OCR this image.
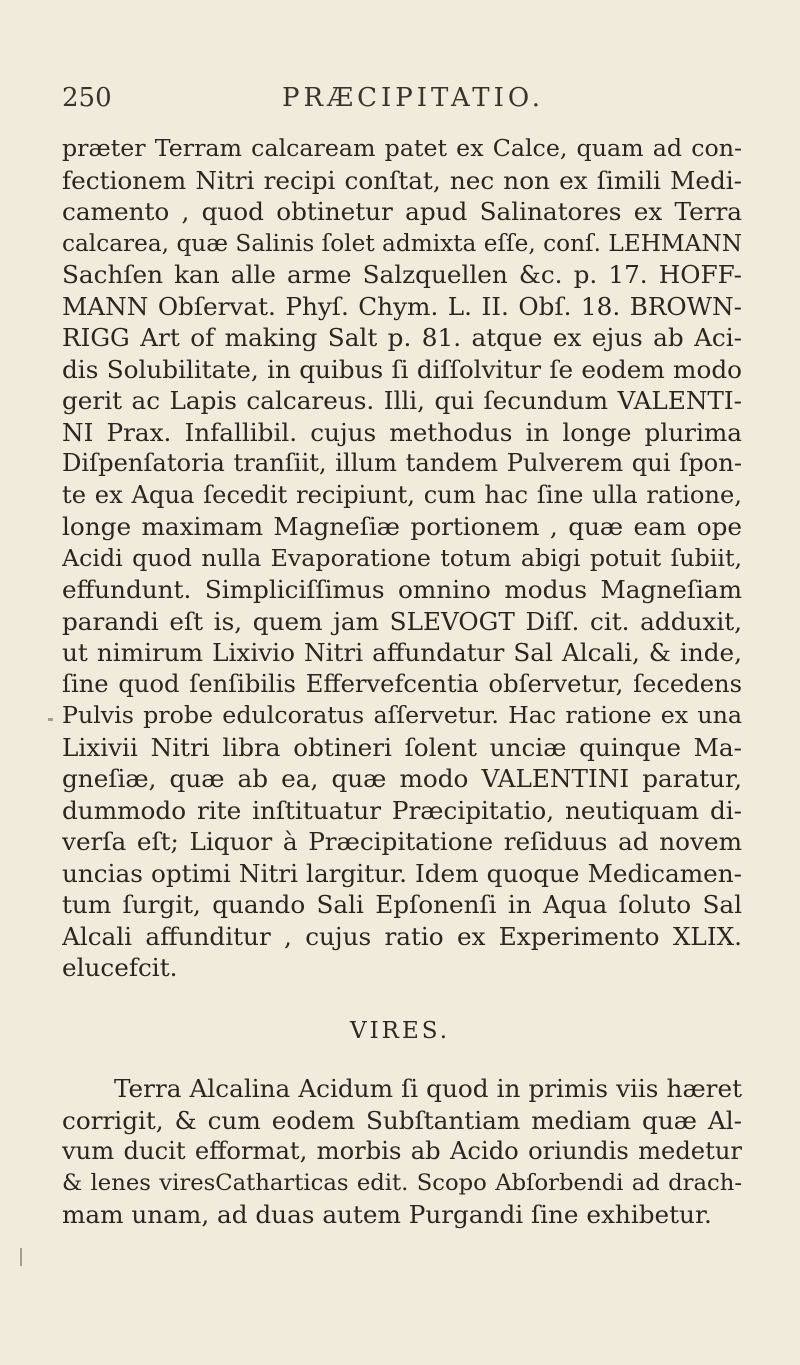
250	PRÆCIPITATIO.
præter Terram calcaream patet ex Calce, quam ad con-
fectionem Nitri recipi conſtat, nec non ex ſimili Medi-
camento , quod obtinetur apud Salinatores ex Terra
calcarea, quæ Salinis ſolet admixta eſſe, conſ. LEHMANN
Sachſen kan alle arme Salzquellen &c. p. 17. HOFF-
MANN Obſervat. Phyſ. Chym. L. II. Obſ. 18. BROWN-
RIGG Art of making Salt p. 81. atque ex ejus ab Aci-
dis Solubilitate, in quibus ſi diſſolvitur ſe eodem modo
gerit ac Lapis calcareus. Illi, qui ſecundum VALENTI-
NI Prax. Infallibil. cujus methodus in longe plurima
Diſpenſatoria tranſiit, illum tandem Pulverem qui ſpon-
te ex Aqua ſecedit recipiunt, cum hac ſine ulla ratione,
longe maximam Magneſiæ portionem , quæ eam ope
Acidi quod nulla Evaporatione totum abigi potuit ſubiit,
effundunt. Simpliciſſimus omnino modus Magneſiam
parandi eſt is, quem jam SLEVOGT Diſſ. cit. adduxit,
ut nimirum Lixivio Nitri affundatur Sal Alcali, & inde,
ſine quod ſenſibilis Effervefcentia obſervetur, ſecedens
Pulvis probe edulcoratus aſſervetur. Hac ratione ex una
Lixivii Nitri libra obtineri ſolent unciæ quinque Ma-
gneſiæ, quæ ab ea, quæ modo VALENTINI paratur,
dummodo rite inſtituatur Præcipitatio, neutiquam di-
verſa eſt; Liquor à Præcipitatione reſiduus ad novem
uncias optimi Nitri largitur. Idem quoque Medicamen-
tum ſurgit, quando Sali Epſonenſi in Aqua ſoluto Sal
Alcali affunditur , cujus ratio ex Experimento XLIX.
elucefcit.
VIRES.
Terra Alcalina Acidum ſi quod in primis viis hæret
corrigit, & cum eodem Subſtantiam mediam quæ Al-
vum ducit efformat, morbis ab Acido oriundis medetur
& lenes viresCatharticas edit. Scopo Abſorbendi ad drach-
mam unam, ad duas autem Purgandi ſine exhibetur.
